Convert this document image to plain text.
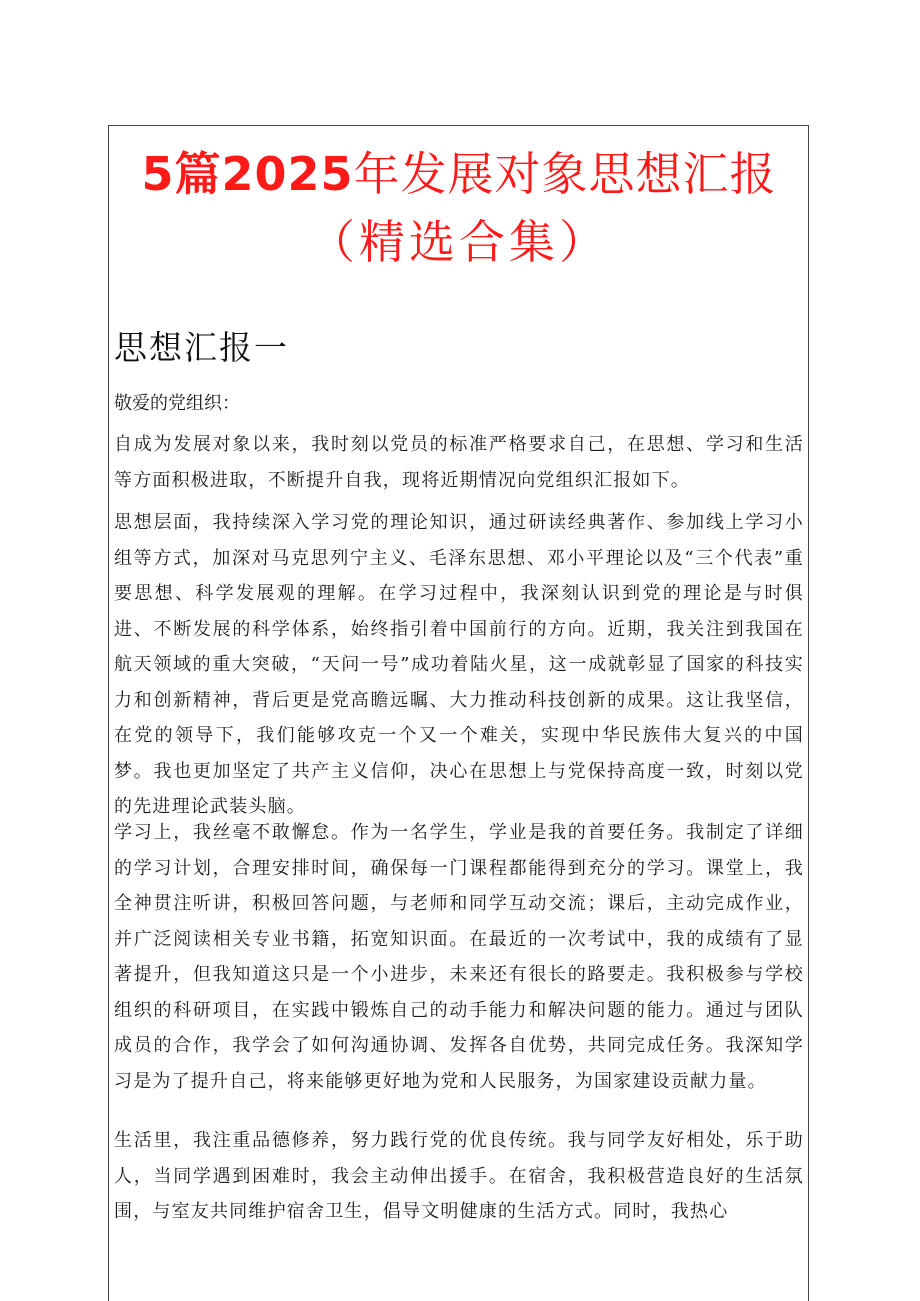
5篇2025年发展对象思想汇报
（精选合集）
思想汇报一
敬爱的党组织：

自成为发展对象以来，我时刻以党员的标准严格要求自己，在思想、学习和生活等方面积极进取，不断提升自我，现将近期情况向党组织汇报如下。

思想层面，我持续深入学习党的理论知识，通过研读经典著作、参加线上学习小组等方式，加深对马克思列宁主义、毛泽东思想、邓小平理论以及“三个代表”重要思想、科学发展观的理解。在学习过程中，我深刻认识到党的理论是与时俱进、不断发展的科学体系，始终指引着中国前行的方向。近期，我关注到我国在航天领域的重大突破，“天问一号”成功着陆火星，这一成就彰显了国家的科技实力和创新精神，背后更是党高瞻远瞩、大力推动科技创新的成果。这让我坚信，在党的领导下，我们能够攻克一个又一个难关，实现中华民族伟大复兴的中国梦。我也更加坚定了共产主义信仰，决心在思想上与党保持高度一致，时刻以党的先进理论武装头脑。

学习上，我丝毫不敢懈怠。作为一名学生，学业是我的首要任务。我制定了详细的学习计划，合理安排时间，确保每一门课程都能得到充分的学习。课堂上，我全神贯注听讲，积极回答问题，与老师和同学互动交流；课后，主动完成作业，并广泛阅读相关专业书籍，拓宽知识面。在最近的一次考试中，我的成绩有了显著提升，但我知道这只是一个小进步，未来还有很长的路要走。我积极参与学校组织的科研项目，在实践中锻炼自己的动手能力和解决问题的能力。通过与团队成员的合作，我学会了如何沟通协调、发挥各自优势，共同完成任务。我深知学习是为了提升自己，将来能够更好地为党和人民服务，为国家建设贡献力量。

生活里，我注重品德修养，努力践行党的优良传统。我与同学友好相处，乐于助人，当同学遇到困难时，我会主动伸出援手。在宿舍，我积极营造良好的生活氛围，与室友共同维护宿舍卫生，倡导文明健康的生活方式。同时，我热心
